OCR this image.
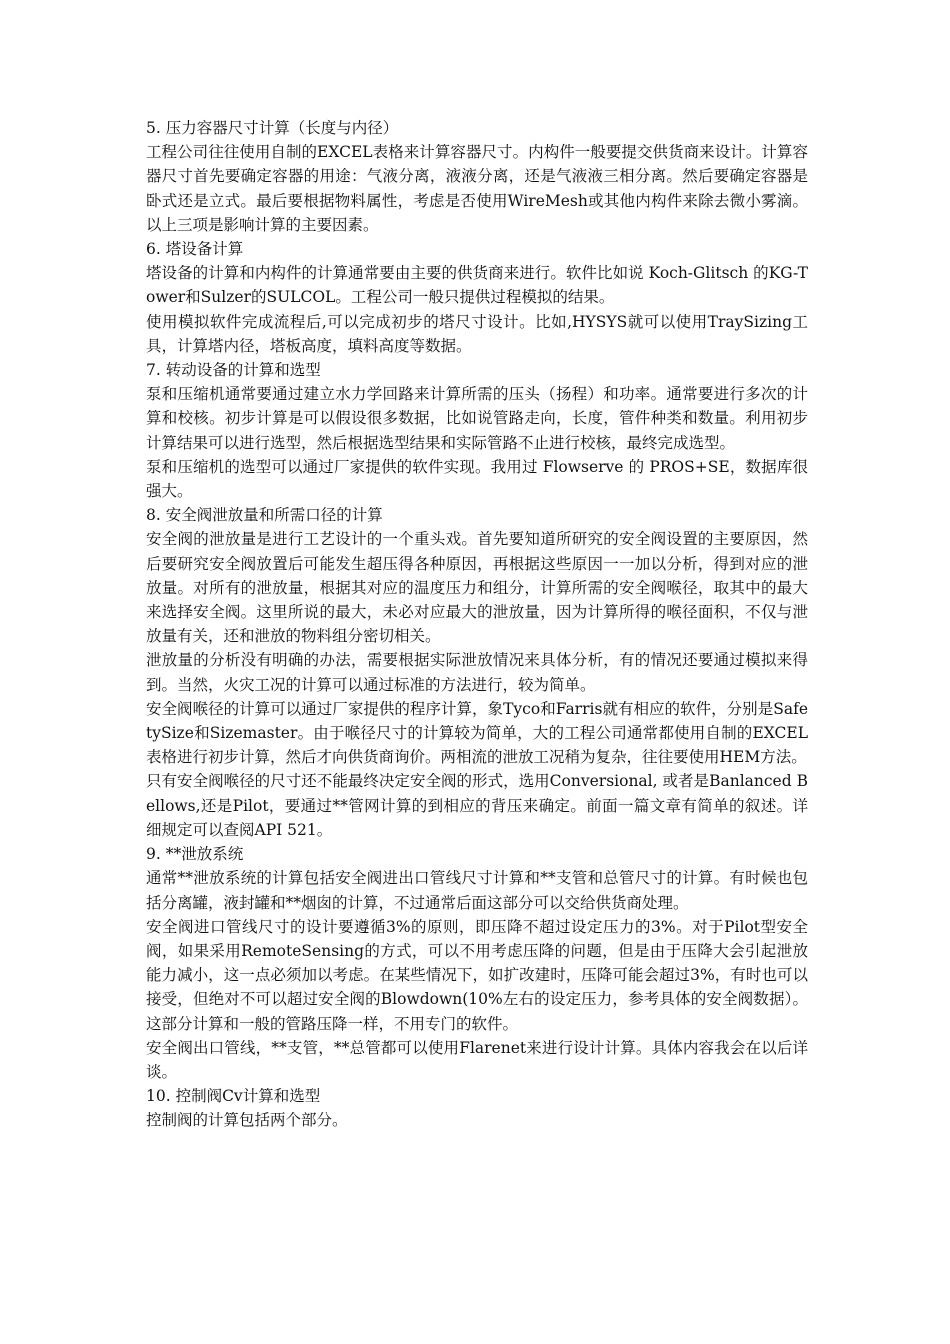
5. 压力容器尺寸计算（长度与内径）

工程公司往往使用自制的EXCEL表格来计算容器尺寸。内构件一般要提交供货商来设计。计算容器尺寸首先要确定容器的用途：气液分离，液液分离，还是气液液三相分离。然后要确定容器是卧式还是立式。最后要根据物料属性，考虑是否使用WireMesh或其他内构件来除去微小雾滴。以上三项是影响计算的主要因素。

6. 塔设备计算

塔设备的计算和内构件的计算通常要由主要的供货商来进行。软件比如说 Koch-Glitsch 的KG-Tower和Sulzer的SULCOL。工程公司一般只提供过程模拟的结果。

使用模拟软件完成流程后,可以完成初步的塔尺寸设计。比如,HYSYS就可以使用TraySizing工具，计算塔内径，塔板高度，填料高度等数据。

7. 转动设备的计算和选型

泵和压缩机通常要通过建立水力学回路来计算所需的压头（扬程）和功率。通常要进行多次的计算和校核。初步计算是可以假设很多数据，比如说管路走向，长度，管件种类和数量。利用初步计算结果可以进行选型，然后根据选型结果和实际管路不止进行校核，最终完成选型。

泵和压缩机的选型可以通过厂家提供的软件实现。我用过 Flowserve 的 PROS+SE，数据库很强大。

8. 安全阀泄放量和所需口径的计算

安全阀的泄放量是进行工艺设计的一个重头戏。首先要知道所研究的安全阀设置的主要原因，然后要研究安全阀放置后可能发生超压得各种原因，再根据这些原因一一加以分析，得到对应的泄放量。对所有的泄放量，根据其对应的温度压力和组分，计算所需的安全阀喉径，取其中的最大来选择安全阀。这里所说的最大，未必对应最大的泄放量，因为计算所得的喉径面积，不仅与泄放量有关，还和泄放的物料组分密切相关。

泄放量的分析没有明确的办法，需要根据实际泄放情况来具体分析，有的情况还要通过模拟来得到。当然，火灾工况的计算可以通过标准的方法进行，较为简单。

安全阀喉径的计算可以通过厂家提供的程序计算，象Tyco和Farris就有相应的软件，分别是SafetySize和Sizemaster。由于喉径尺寸的计算较为简单，大的工程公司通常都使用自制的EXCEL表格进行初步计算，然后才向供货商询价。两相流的泄放工况稍为复杂，往往要使用HEM方法。

只有安全阀喉径的尺寸还不能最终决定安全阀的形式，选用Conversional, 或者是Banlanced Bellows,还是Pilot，要通过**管网计算的到相应的背压来确定。前面一篇文章有简单的叙述。详细规定可以查阅API 521。

9. **泄放系统

通常**泄放系统的计算包括安全阀进出口管线尺寸计算和**支管和总管尺寸的计算。有时候也包括分离罐，液封罐和**烟囱的计算，不过通常后面这部分可以交给供货商处理。

安全阀进口管线尺寸的设计要遵循3%的原则，即压降不超过设定压力的3%。对于Pilot型安全阀，如果采用RemoteSensing的方式，可以不用考虑压降的问题，但是由于压降大会引起泄放能力减小，这一点必须加以考虑。在某些情况下，如扩改建时，压降可能会超过3%，有时也可以接受，但绝对不可以超过安全阀的Blowdown(10%左右的设定压力，参考具体的安全阀数据）。这部分计算和一般的管路压降一样，不用专门的软件。

安全阀出口管线，**支管，**总管都可以使用Flarenet来进行设计计算。具体内容我会在以后详谈。

10. 控制阀Cv计算和选型

控制阀的计算包括两个部分。
